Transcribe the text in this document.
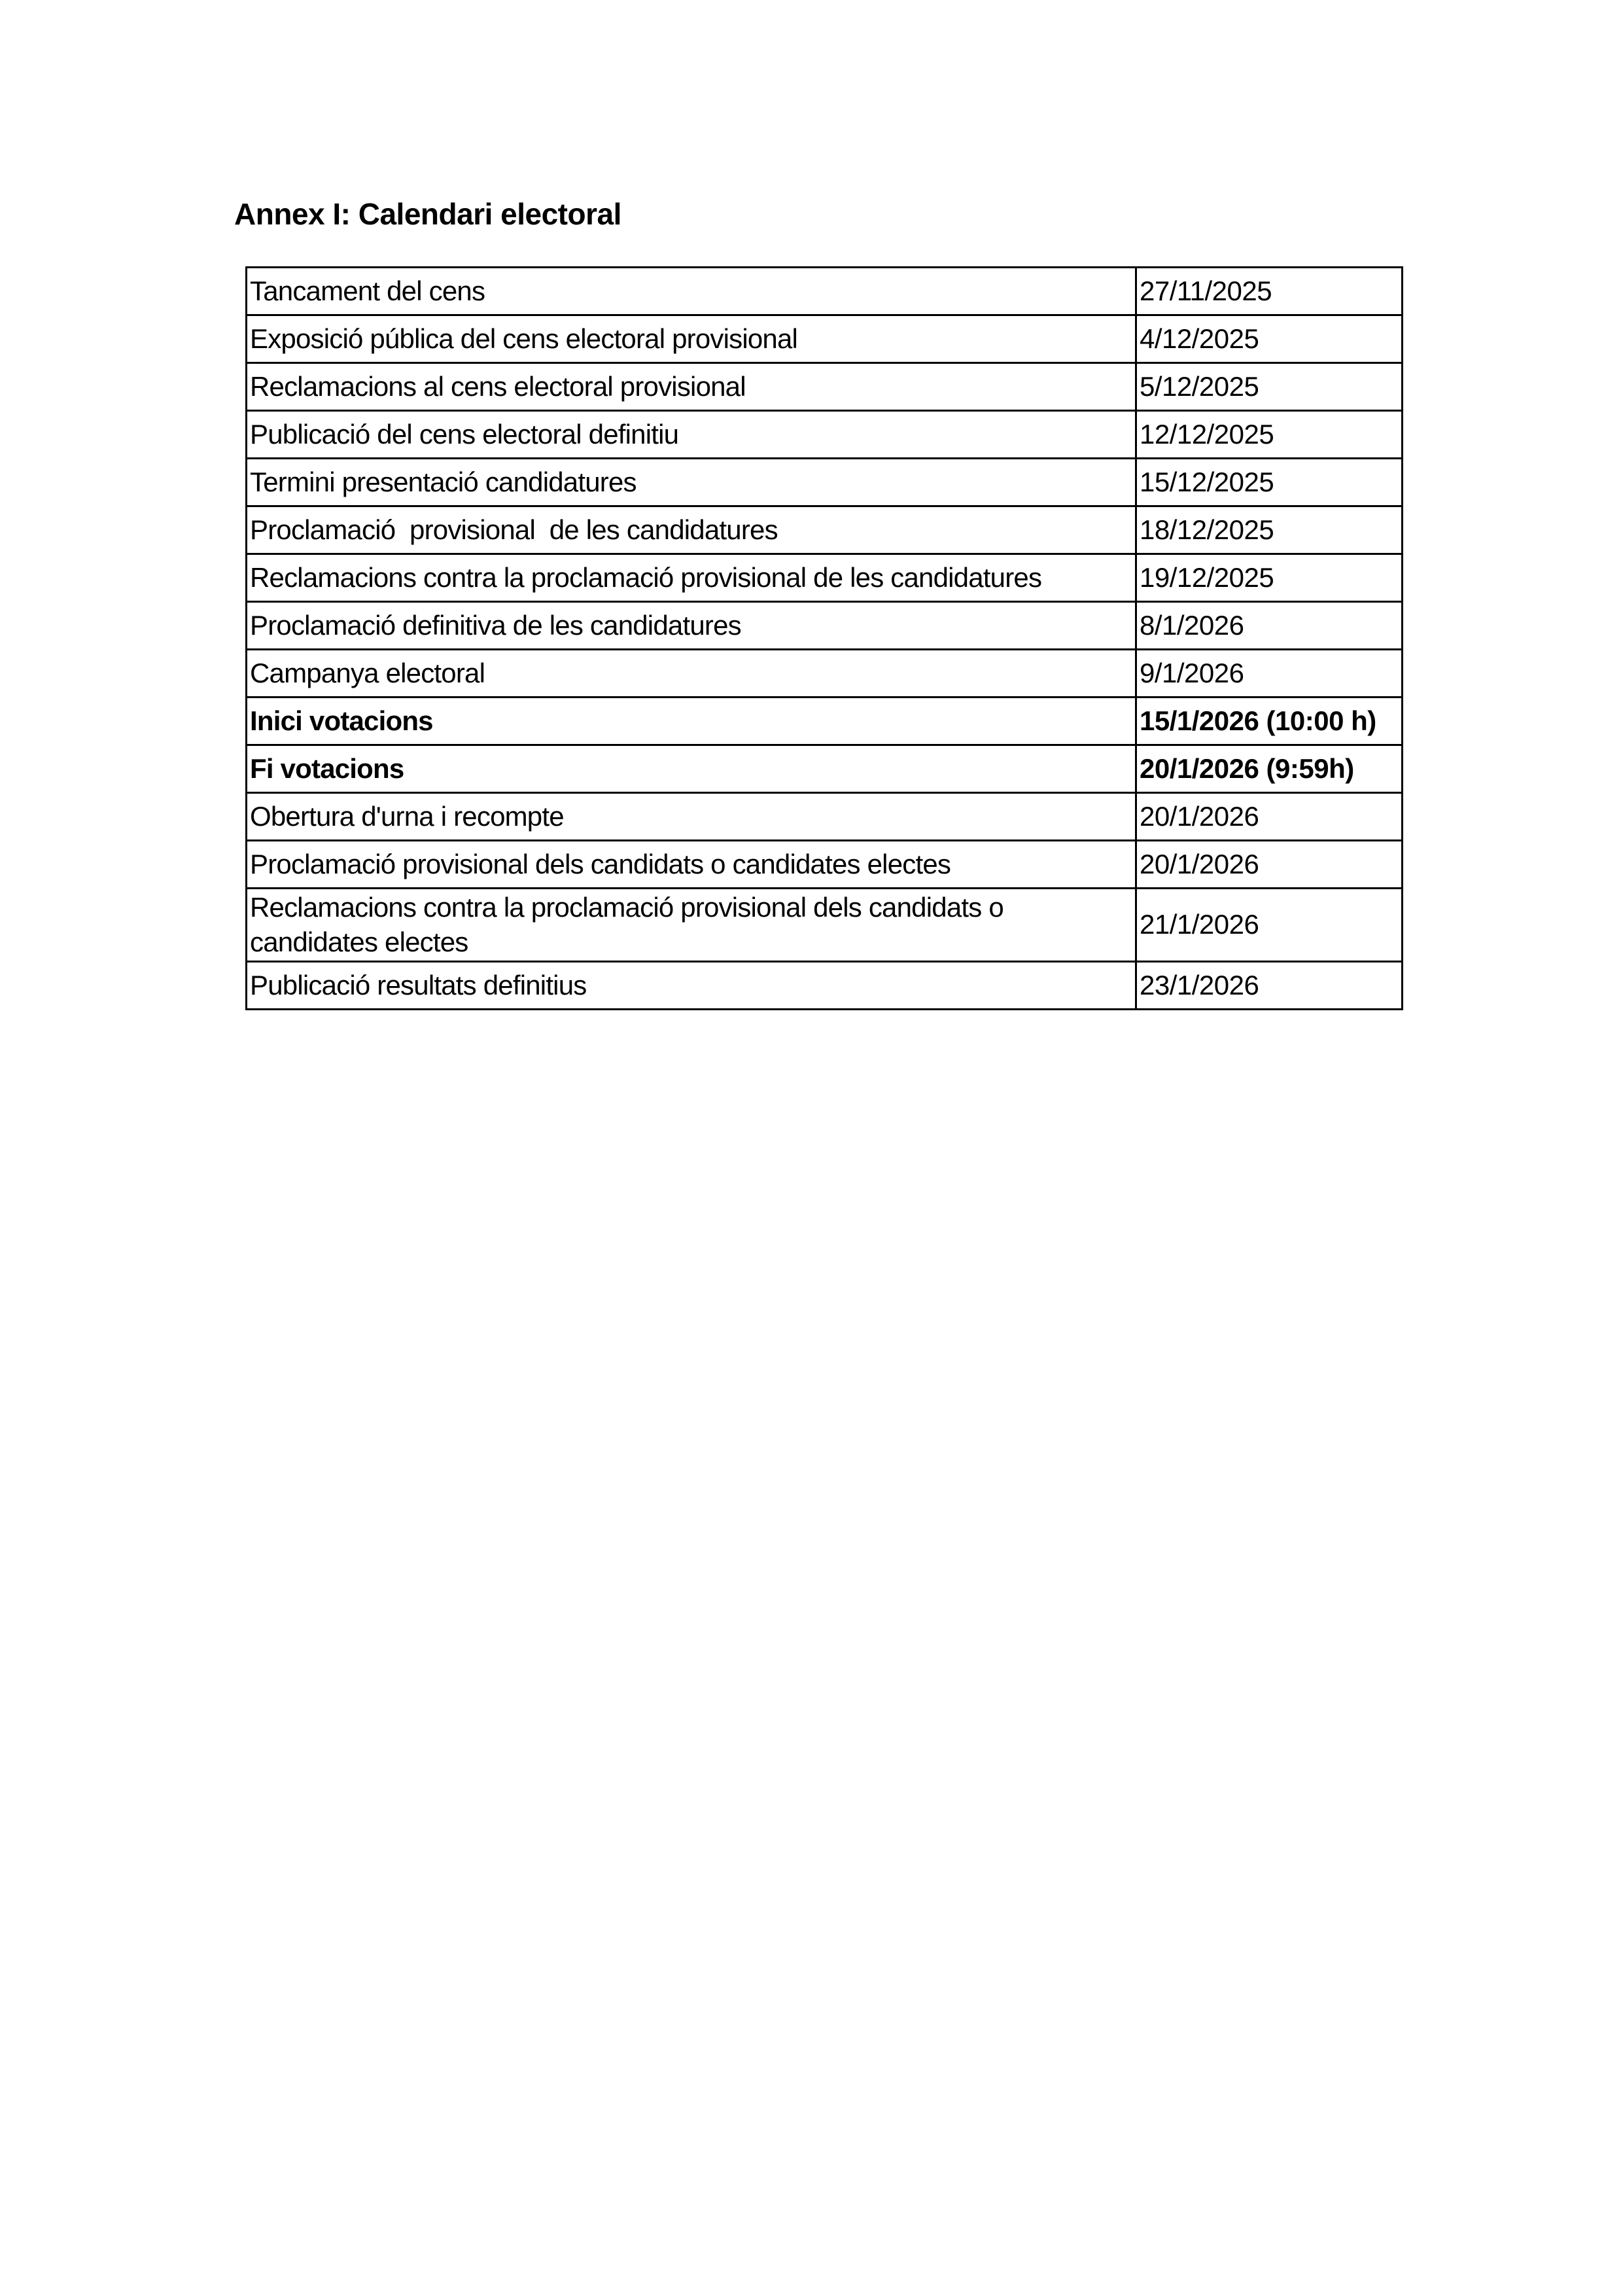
Annex I: Calendari electoral
Tancament del cens	27/11/2025
Exposició pública del cens electoral provisional	4/12/2025
Reclamacions al cens electoral provisional	5/12/2025
Publicació del cens electoral definitiu	12/12/2025
Termini presentació candidatures	15/12/2025
Proclamació  provisional  de les candidatures	18/12/2025
Reclamacions contra la proclamació provisional de les candidatures	19/12/2025
Proclamació definitiva de les candidatures	8/1/2026
Campanya electoral	9/1/2026
Inici votacions	15/1/2026 (10:00 h)
Fi votacions	20/1/2026 (9:59h)
Obertura d'urna i recompte	20/1/2026
Proclamació provisional dels candidats o candidates electes	20/1/2026
Reclamacions contra la proclamació provisional dels candidats o candidates electes	21/1/2026
Publicació resultats definitius	23/1/2026
